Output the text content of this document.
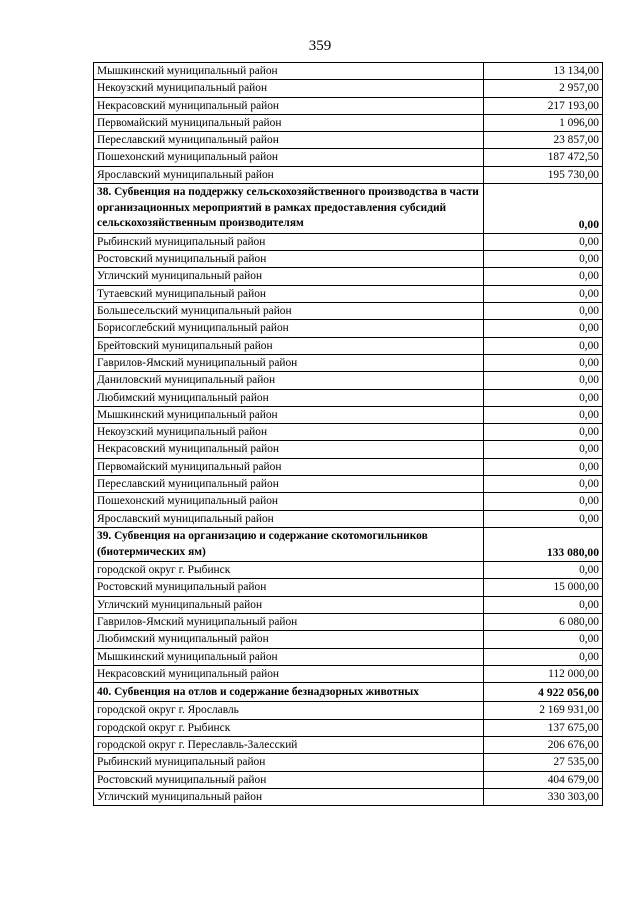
359
Мышкинский муниципальный район	13 134,00
Некоузский муниципальный район	2 957,00
Некрасовский муниципальный район	217 193,00
Первомайский муниципальный район	1 096,00
Переславский муниципальный район	23 857,00
Пошехонский муниципальный район	187 472,50
Ярославский муниципальный район	195 730,00
38. Субвенция на поддержку сельскохозяйственного производства в части организационных мероприятий в рамках предоставления субсидий сельскохозяйственным производителям	0,00
Рыбинский муниципальный район	0,00
Ростовский муниципальный район	0,00
Угличский муниципальный район	0,00
Тутаевский муниципальный район	0,00
Большесельский муниципальный район	0,00
Борисоглебский муниципальный район	0,00
Брейтовский муниципальный район	0,00
Гаврилов-Ямский муниципальный район	0,00
Даниловский муниципальный район	0,00
Любимский муниципальный район	0,00
Мышкинский муниципальный район	0,00
Некоузский муниципальный район	0,00
Некрасовский муниципальный район	0,00
Первомайский муниципальный район	0,00
Переславский муниципальный район	0,00
Пошехонский муниципальный район	0,00
Ярославский муниципальный район	0,00
39. Субвенция на организацию и содержание скотомогильников (биотермических ям)	133 080,00
городской округ г. Рыбинск	0,00
Ростовский муниципальный район	15 000,00
Угличский муниципальный район	0,00
Гаврилов-Ямский муниципальный район	6 080,00
Любимский муниципальный район	0,00
Мышкинский муниципальный район	0,00
Некрасовский муниципальный район	112 000,00
40. Субвенция на отлов и содержание безнадзорных животных	4 922 056,00
городской округ г. Ярославль	2 169 931,00
городской округ г. Рыбинск	137 675,00
городской округ г. Переславль-Залесский	206 676,00
Рыбинский муниципальный район	27 535,00
Ростовский муниципальный район	404 679,00
Угличский муниципальный район	330 303,00
